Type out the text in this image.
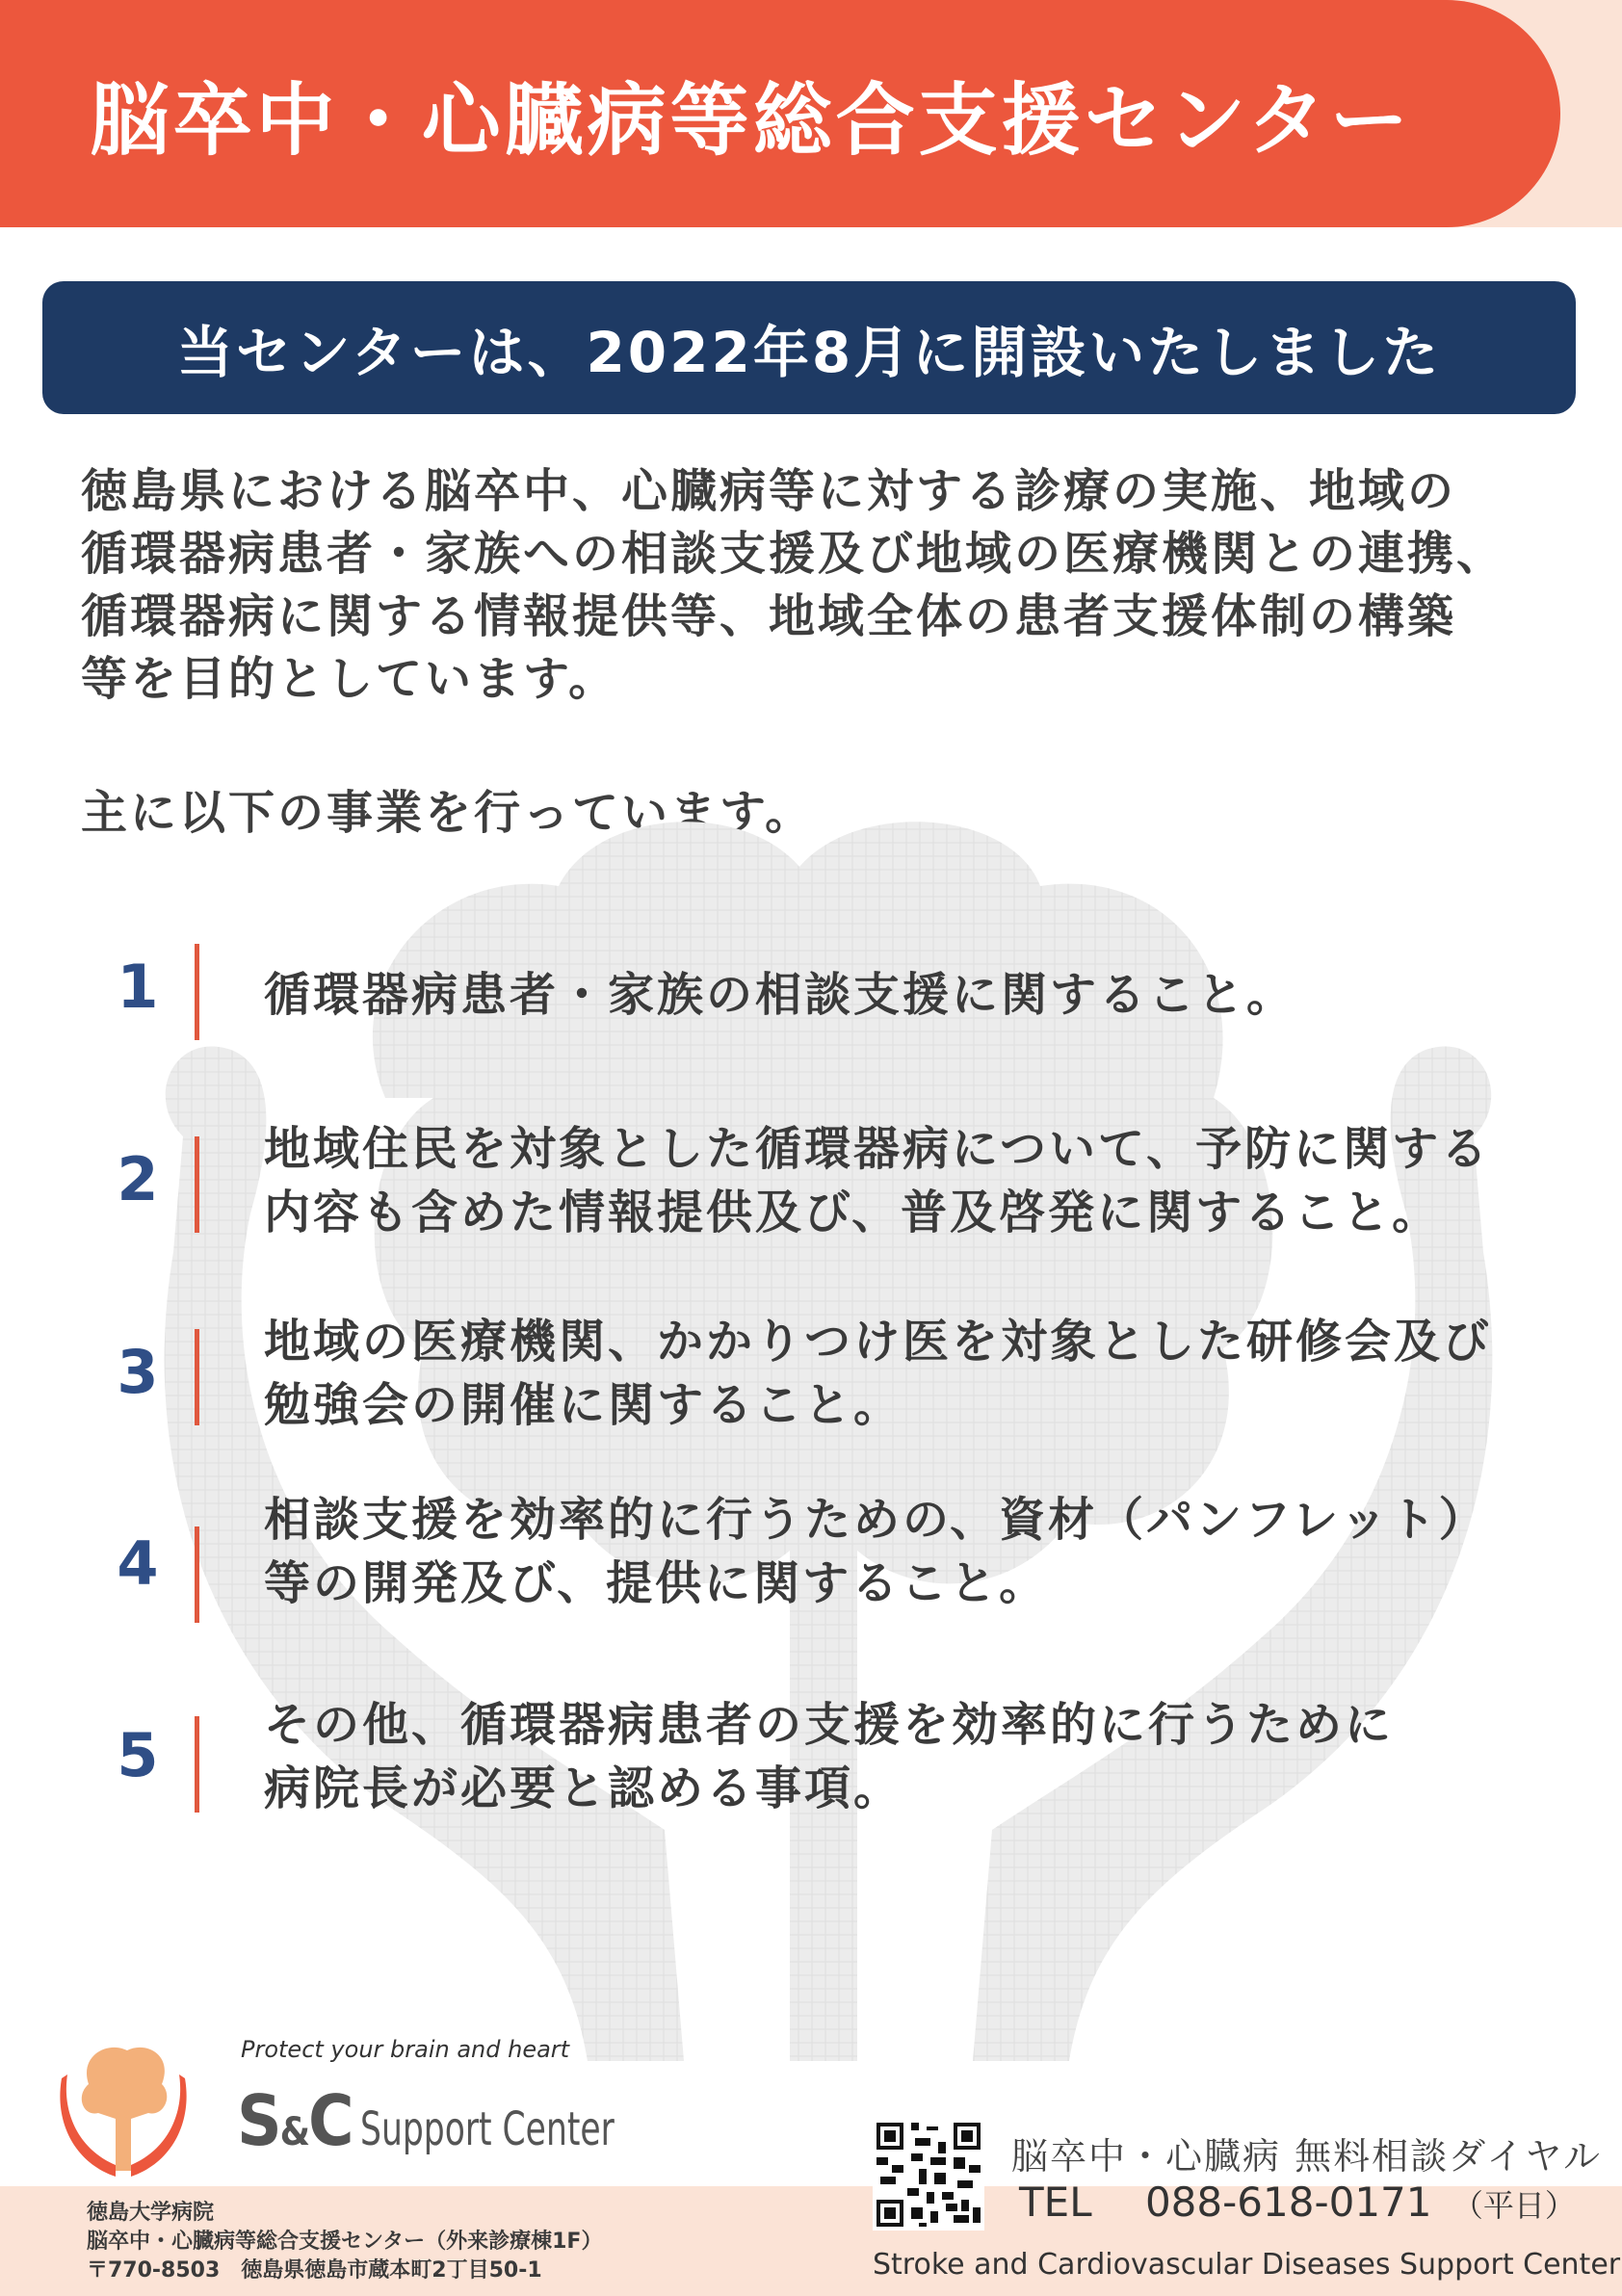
脳卒中・心臓病等総合支援センター
当センターは、2022年8月に開設いたしました
徳島県における脳卒中、心臓病等に対する診療の実施、地域の
循環器病患者・家族への相談支援及び地域の医療機関との連携、
循環器病に関する情報提供等、地域全体の患者支援体制の構築
等を目的としています。
主に以下の事業を行っています。
1 循環器病患者・家族の相談支援に関すること。
2 地域住民を対象とした循環器病について、予防に関する
内容も含めた情報提供及び、普及啓発に関すること。
3 地域の医療機関、かかりつけ医を対象とした研修会及び
勉強会の開催に関すること。
4
相談支援を効率的に行うための、資材（パンフレット）
等の開発及び、提供に関すること。
5 その他、循環器病患者の支援を効率的に行うために
病院長が必要と認める事項。
Protect your brain and heart
S&C Support Center
徳島大学病院
脳卒中・心臓病等総合支援センター（外来診療棟1F）
〒770-8503　徳島県徳島市蔵本町2丁目50-1
脳卒中・心臓病 無料相談ダイヤル
TEL 088-618-0171 （平日）
Stroke and Cardiovascular Diseases Support Center
